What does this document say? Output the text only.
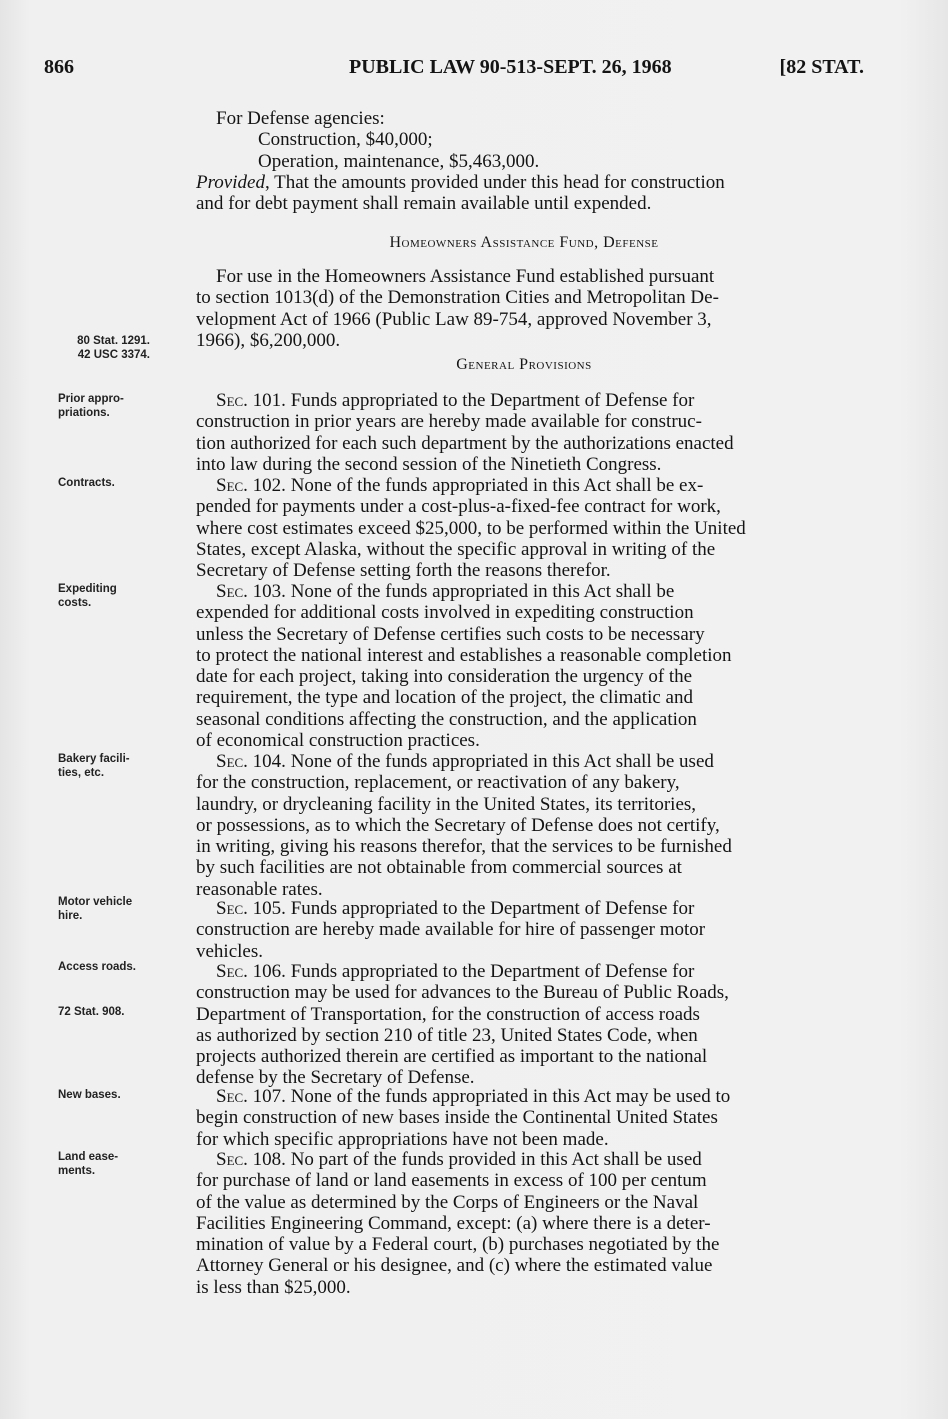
866	PUBLIC LAW 90-513-SEPT. 26, 1968	[82 STAT.
For Defense agencies:
Construction, $40,000;
Operation, maintenance, $5,463,000.
Provided, That the amounts provided under this head for construction
and for debt payment shall remain available until expended.
Homeowners Assistance Fund, Defense
For use in the Homeowners Assistance Fund established pursuant
to section 1013(d) of the Demonstration Cities and Metropolitan De-
velopment Act of 1966 (Public Law 89-754, approved November 3,
1966), $6,200,000.
80 Stat. 1291.
42 USC 3374.
General Provisions
Prior appro-
priations.
Sec. 101. Funds appropriated to the Department of Defense for
construction in prior years are hereby made available for construc-
tion authorized for each such department by the authorizations enacted
into law during the second session of the Ninetieth Congress.
Contracts.	Sec. 102. None of the funds appropriated in this Act shall be ex-
pended for payments under a cost-plus-a-fixed-fee contract for work,
where cost estimates exceed $25,000, to be performed within the United
States, except Alaska, without the specific approval in writing of the
Secretary of Defense setting forth the reasons therefor.
Expediting
costs.
Sec. 103. None of the funds appropriated in this Act shall be
expended for additional costs involved in expediting construction
unless the Secretary of Defense certifies such costs to be necessary
to protect the national interest and establishes a reasonable completion
date for each project, taking into consideration the urgency of the
requirement, the type and location of the project, the climatic and
seasonal conditions affecting the construction, and the application
of economical construction practices.
Bakery facili-
ties, etc.
Sec. 104. None of the funds appropriated in this Act shall be used
for the construction, replacement, or reactivation of any bakery,
laundry, or drycleaning facility in the United States, its territories,
or possessions, as to which the Secretary of Defense does not certify,
in writing, giving his reasons therefor, that the services to be furnished
by such facilities are not obtainable from commercial sources at
reasonable rates.
Motor vehicle
hire.	Sec. 105. Funds appropriated to the Department of Defense for
construction are hereby made available for hire of passenger motor
vehicles.
Access roads.
72 Stat. 908.
Sec. 106. Funds appropriated to the Department of Defense for
construction may be used for advances to the Bureau of Public Roads,
Department of Transportation, for the construction of access roads
as authorized by section 210 of title 23, United States Code, when
projects authorized therein are certified as important to the national
defense by the Secretary of Defense.
New bases.	Sec. 107. None of the funds appropriated in this Act may be used to
begin construction of new bases inside the Continental United States
for which specific appropriations have not been made.
Land ease-
ments.
Sec. 108. No part of the funds provided in this Act shall be used
for purchase of land or land easements in excess of 100 per centum
of the value as determined by the Corps of Engineers or the Naval
Facilities Engineering Command, except: (a) where there is a deter-
mination of value by a Federal court, (b) purchases negotiated by the
Attorney General or his designee, and (c) where the estimated value
is less than $25,000.
